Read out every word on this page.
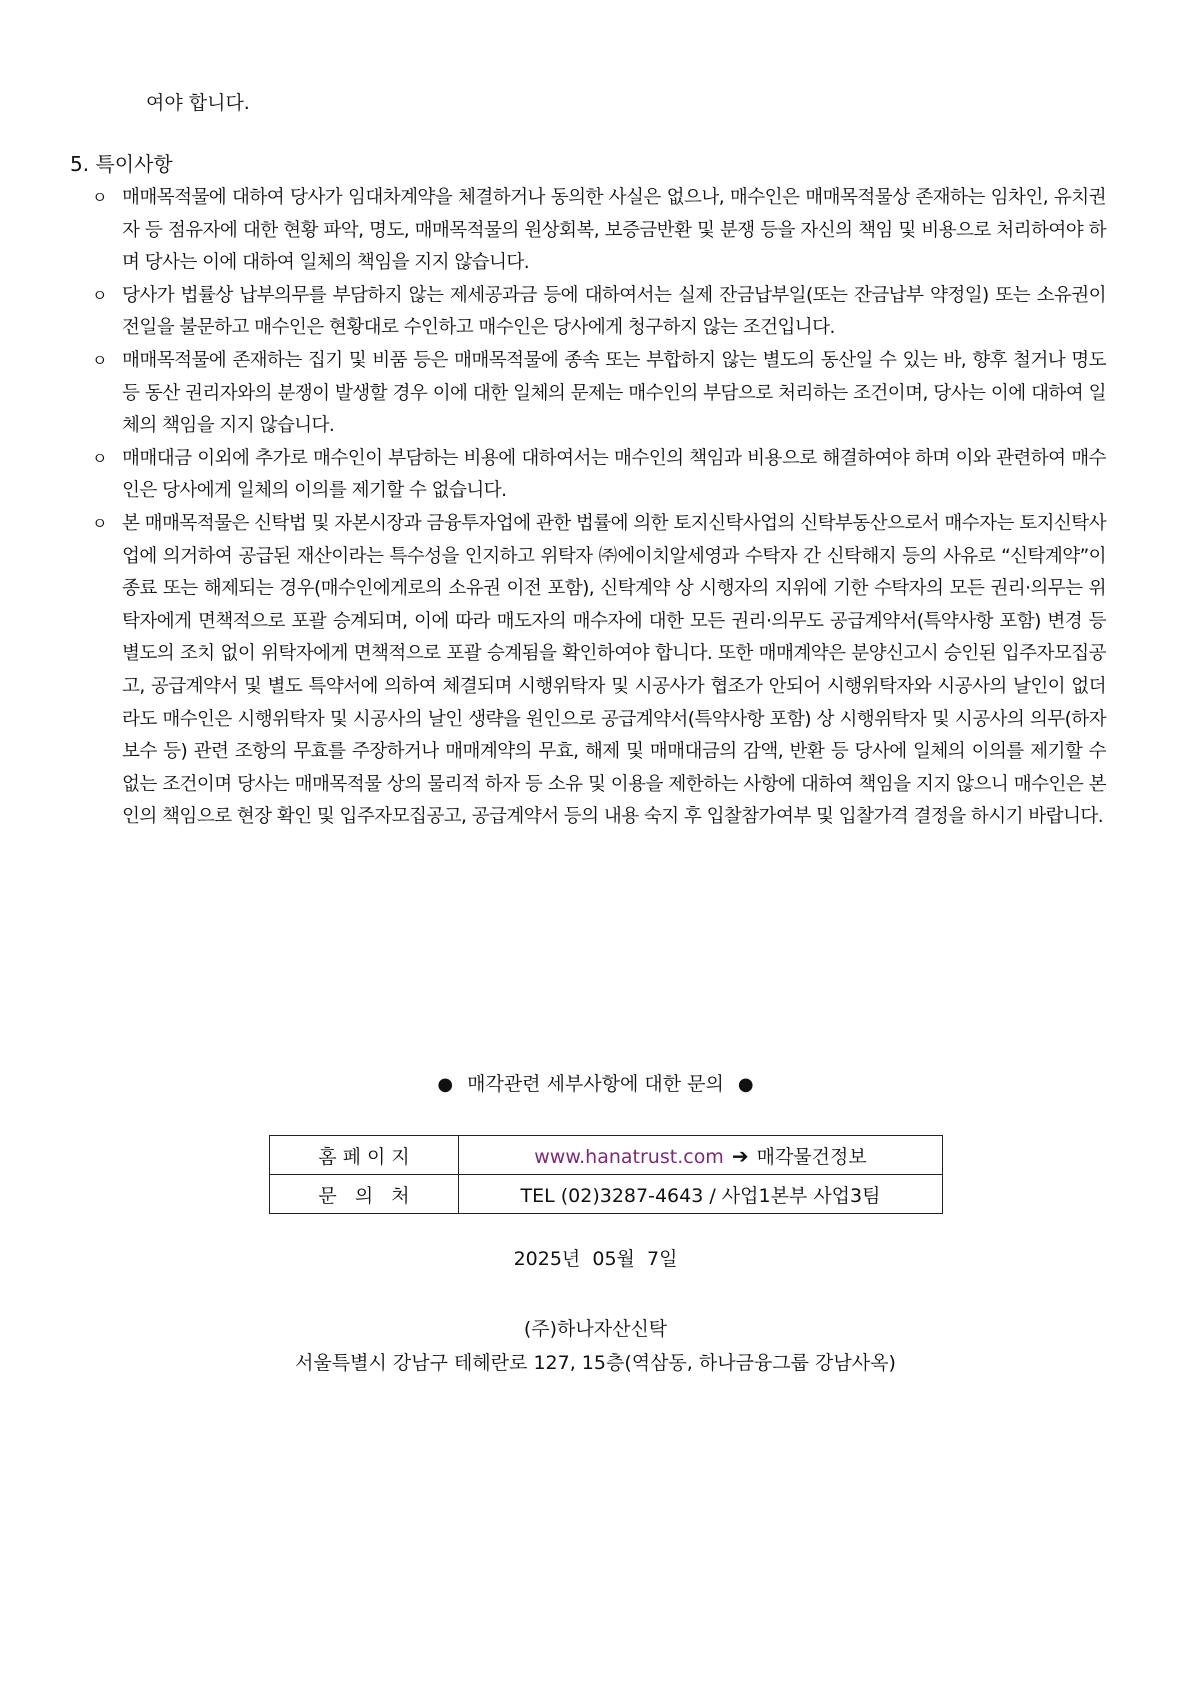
여야 합니다.
5. 특이사항
ㅇ 매매목적물에 대하여 당사가 임대차계약을 체결하거나 동의한 사실은 없으나, 매수인은 매매목적물상 존재하는 임차인, 유치권자 등 점유자에 대한 현황 파악, 명도, 매매목적물의 원상회복, 보증금반환 및 분쟁 등을 자신의 책임 및 비용으로 처리하여야 하며 당사는 이에 대하여 일체의 책임을 지지 않습니다.
ㅇ 당사가 법률상 납부의무를 부담하지 않는 제세공과금 등에 대하여서는 실제 잔금납부일(또는 잔금납부 약정일) 또는 소유권이전일을 불문하고 매수인은 현황대로 수인하고 매수인은 당사에게 청구하지 않는 조건입니다.
ㅇ 매매목적물에 존재하는 집기 및 비품 등은 매매목적물에 종속 또는 부합하지 않는 별도의 동산일 수 있는 바, 향후 철거나 명도 등 동산 권리자와의 분쟁이 발생할 경우 이에 대한 일체의 문제는 매수인의 부담으로 처리하는 조건이며, 당사는 이에 대하여 일체의 책임을 지지 않습니다.
ㅇ 매매대금 이외에 추가로 매수인이 부담하는 비용에 대하여서는 매수인의 책임과 비용으로 해결하여야 하며 이와 관련하여 매수인은 당사에게 일체의 이의를 제기할 수 없습니다.
ㅇ 본 매매목적물은 신탁법 및 자본시장과 금융투자업에 관한 법률에 의한 토지신탁사업의 신탁부동산으로서 매수자는 토지신탁사업에 의거하여 공급된 재산이라는 특수성을 인지하고 위탁자 ㈜에이치알세영과 수탁자 간 신탁해지 등의 사유로 “신탁계약”이 종료 또는 해제되는 경우(매수인에게로의 소유권 이전 포함), 신탁계약 상 시행자의 지위에 기한 수탁자의 모든 권리·의무는 위탁자에게 면책적으로 포괄 승계되며, 이에 따라 매도자의 매수자에 대한 모든 권리·의무도 공급계약서(특약사항 포함) 변경 등 별도의 조치 없이 위탁자에게 면책적으로 포괄 승계됨을 확인하여야 합니다. 또한 매매계약은 분양신고시 승인된 입주자모집공고, 공급계약서 및 별도 특약서에 의하여 체결되며 시행위탁자 및 시공사가 협조가 안되어 시행위탁자와 시공사의 날인이 없더라도 매수인은 시행위탁자 및 시공사의 날인 생략을 원인으로 공급계약서(특약사항 포함) 상 시행위탁자 및 시공사의 의무(하자보수 등) 관련 조항의 무효를 주장하거나 매매계약의 무효, 해제 및 매매대금의 감액, 반환 등 당사에 일체의 이의를 제기할 수 없는 조건이며 당사는 매매목적물 상의 물리적 하자 등 소유 및 이용을 제한하는 사항에 대하여 책임을 지지 않으니 매수인은 본인의 책임으로 현장 확인 및 입주자모집공고, 공급계약서 등의 내용 숙지 후 입찰참가여부 및 입찰가격 결정을 하시기 바랍니다.
● 매각관련 세부사항에 대한 문의 ●
홈 페 이 지	www.hanatrust.com ➔ 매각물건정보
문   의   처	TEL (02)3287-4643 / 사업1본부 사업3팀
2025년  05월  7일
(주)하나자산신탁
서울특별시 강남구 테헤란로 127, 15층(역삼동, 하나금융그룹 강남사옥)
